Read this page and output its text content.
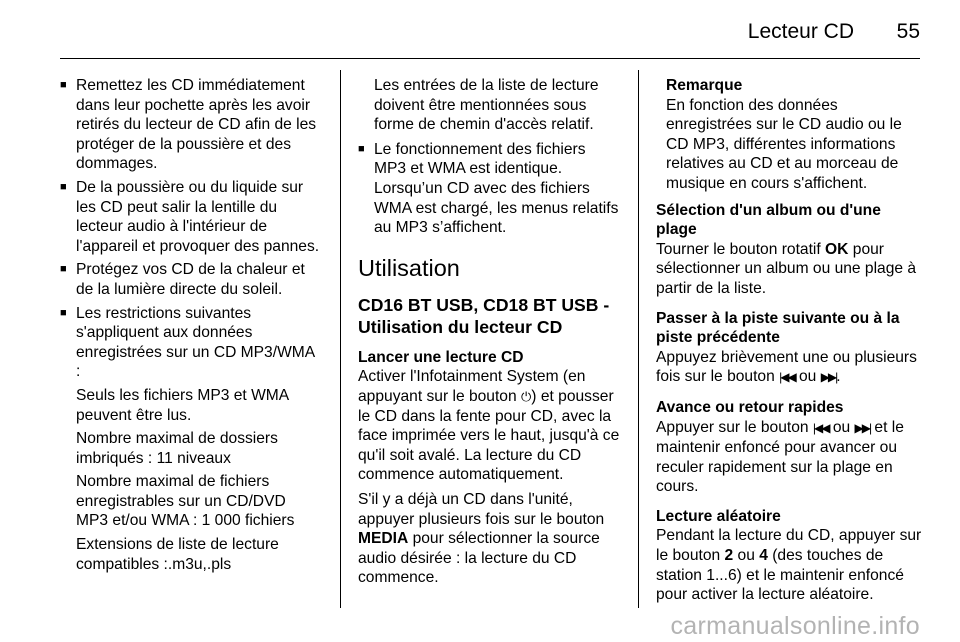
Lecteur CD 55

■ Remettez les CD immédiatement dans leur pochette après les avoir retirés du lecteur de CD afin de les protéger de la poussière et des dommages.

■ De la poussière ou du liquide sur les CD peut salir la lentille du lecteur audio à l'intérieur de l'appareil et provoquer des pannes.

■ Protégez vos CD de la chaleur et de la lumière directe du soleil.

■ Les restrictions suivantes s'appliquent aux données enregistrées sur un CD MP3/WMA :

Seuls les fichiers MP3 et WMA peuvent être lus.

Nombre maximal de dossiers imbriqués : 11 niveaux

Nombre maximal de fichiers enregistrables sur un CD/DVD MP3 et/ou WMA : 1 000 fichiers

Extensions de liste de lecture compatibles :.m3u,.pls

Les entrées de la liste de lecture doivent être mentionnées sous forme de chemin d'accès relatif.

■ Le fonctionnement des fichiers MP3 et WMA est identique. Lorsqu’un CD avec des fichiers WMA est chargé, les menus relatifs au MP3 s’affichent.

Utilisation
CD16 BT USB, CD18 BT USB - Utilisation du lecteur CD

Lancer une lecture CD

Activer l'Infotainment System (en appuyant sur le bouton ⏻) et pousser le CD dans la fente pour CD, avec la face imprimée vers le haut, jusqu'à ce qu'il soit avalé. La lecture du CD commence automatiquement.

S'il y a déjà un CD dans l'unité, appuyer plusieurs fois sur le bouton MEDIA pour sélectionner la source audio désirée : la lecture du CD commence.

Remarque
En fonction des données enregistrées sur le CD audio ou le CD MP3, différentes informations relatives au CD et au morceau de musique en cours s'affichent.

Sélection d'un album ou d'une plage

Tourner le bouton rotatif OK pour sélectionner un album ou une plage à partir de la liste.

Passer à la piste suivante ou à la piste précédente

Appuyez brièvement une ou plusieurs fois sur le bouton |◀◀ ou ▶▶|.

Avance ou retour rapides

Appuyer sur le bouton |◀◀ ou ▶▶| et le maintenir enfoncé pour avancer ou reculer rapidement sur la plage en cours.

Lecture aléatoire

Pendant la lecture du CD, appuyer sur le bouton 2 ou 4 (des touches de station 1...6) et le maintenir enfoncé pour activer la lecture aléatoire.

carmanualsonline.info
